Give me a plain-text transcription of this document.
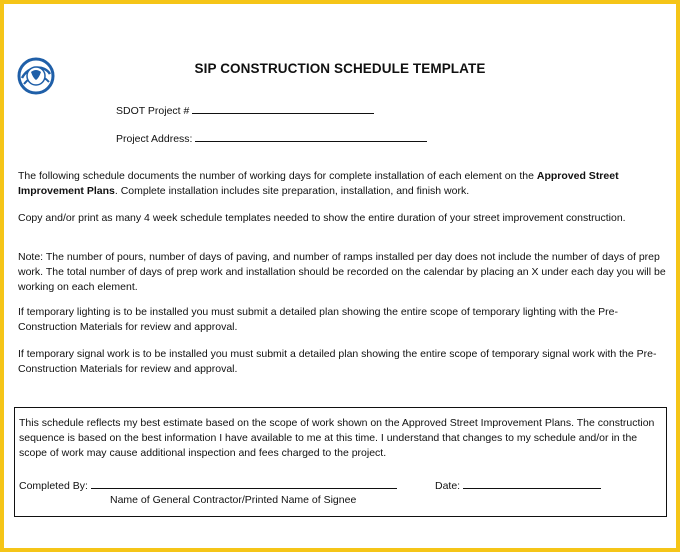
SIP CONSTRUCTION SCHEDULE TEMPLATE
SDOT Project #
Project Address:

The following schedule documents the number of working days for complete installation of each element on the Approved Street Improvement Plans. Complete installation includes site preparation, installation, and finish work.

Copy and/or print as many 4 week schedule templates needed to show the entire duration of your street improvement construction.

Note: The number of pours, number of days of paving, and number of ramps installed per day does not include the number of days of prep work. The total number of days of prep work and installation should be recorded on the calendar by placing an X under each day you will be working on each element.

If temporary lighting is to be installed you must submit a detailed plan showing the entire scope of temporary lighting with the Pre-Construction Materials for review and approval.

If temporary signal work is to be installed you must submit a detailed plan showing the entire scope of temporary signal work with the Pre-Construction Materials for review and approval.

This schedule reflects my best estimate based on the scope of work shown on the Approved Street Improvement Plans. The construction sequence is based on the best information I have available to me at this time. I understand that changes to my schedule and/or in the scope of work may cause additional inspection and fees charged to the project.
Completed By:	Date:
Name of General Contractor/Printed Name of Signee
